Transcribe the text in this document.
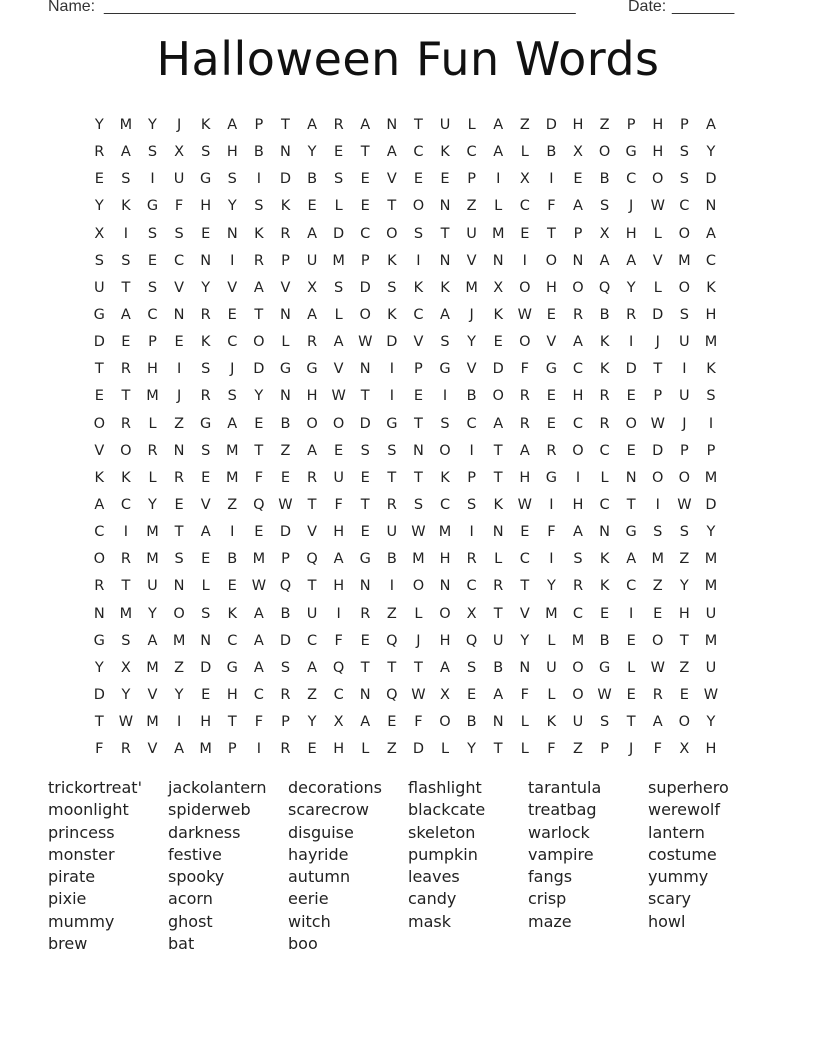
Name: _____________________________________________________	Date: _______
Halloween Fun Words
Y	M	Y	J	K	A	P	T	A	R	A	N	T	U	L	A	Z	D	H	Z	P	H	P	A
R	A	S	X	S	H	B	N	Y	E	T	A	C	K	C	A	L	B	X	O	G	H	S	Y
E	S	I	U	G	S	I	D	B	S	E	V	E	E	P	I	X	I	E	B	C	O	S	D
Y	K	G	F	H	Y	S	K	E	L	E	T	O	N	Z	L	C	F	A	S	J	W C	N
X	I	S	S	E	N	K	R	A	D	C	O	S	T	U	M	E	T	P	X	H	L	O	A
S	S	E	C	N	I	R	P	U	M	P	K	I	N	V	N	I	O	N	A	A	V	M	C
U	T	S	V	Y	V	A	V	X	S	D	S	K	K	M	X	O	H	O	Q	Y	L	O	K
G	A	C	N	R	E	T	N	A	L	O	K	C	A	J	K	W	E	R	B	R	D	S	H
D	E	P	E	K	C	O	L	R	A W D	V	S	Y	E	O	V	A	K	I	J	U	M
T	R	H	I	S	J	D	G	G	V	N	I	P	G	V	D	F	G	C	K	D	T	I	K
E	T	M	J	R	S	Y	N	H W	T	I	E	I	B	O	R	E	H	R	E	P	U	S
O	R	L	Z	G	A	E	B	O	O	D	G	T	S	C	A	R	E	C	R	O W	J	I
V	O	R	N	S	M	T	Z	A	E	S	S	N	O	I	T	A	R	O	C	E	D	P	P
K	K	L	R	E	M	F	E	R	U	E	T	T	K	P	T	H	G	I	L	N	O	O	M
A	C	Y	E	V	Z	Q W	T	F	T	R	S	C	S	K	W	I	H	C	T	I	W D
C	I	M	T	A	I	E	D	V	H	E	U W M	I	N	E	F	A	N	G	S	S	Y
O	R	M	S	E	B	M	P	Q	A	G	B	M	H	R	L	C	I	S	K	A	M	Z	M
R	T	U	N	L	E	W Q	T	H	N	I	O	N	C	R	T	Y	R	K	C	Z	Y	M
N	M	Y	O	S	K	A	B	U	I	R	Z	L	O	X	T	V	M	C	E	I	E	H	U
G	S	A	M	N	C	A	D	C	F	E	Q	J	H	Q	U	Y	L	M	B	E	O	T	M
Y	X	M	Z	D	G	A	S	A	Q	T	T	T	A	S	B	N	U	O	G	L	W Z	U
D	Y	V	Y	E	H	C	R	Z	C	N	Q W X	E	A	F	L	O W	E	R	E	W
T	W M	I	H	T	F	P	Y	X	A	E	F	O	B	N	L	K	U	S	T	A	O	Y
F	R	V	A	M	P	I	R	E	H	L	Z	D	L	Y	T	L	F	Z	P	J	F	X	H
trickortreat'	jackolantern	decorations	flashlight	tarantula	superhero
moonlight	spiderweb	scarecrow	blackcate	treatbag	werewolf
princess	darkness	disguise	skeleton	warlock	lantern
monster	festive	hayride	pumpkin	vampire	costume
pirate	spooky	autumn	leaves	fangs	yummy
pixie	acorn	eerie	candy	crisp	scary
mummy	ghost	witch	mask	maze	howl
brew	bat	boo
